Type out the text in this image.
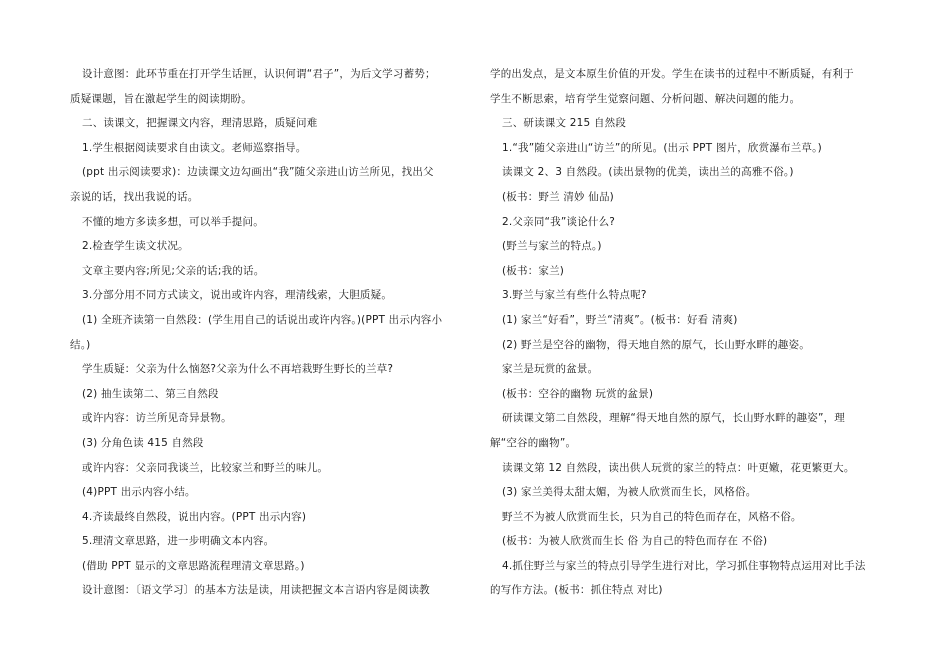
设计意图：此环节重在打开学生话匣，认识何谓“君子”，为后文学习蓄势；
质疑课题，旨在激起学生的阅读期盼。
二、读课文，把握课文内容，理清思路，质疑问难
1.学生根据阅读要求自由读文。老师巡察指导。
(ppt 出示阅读要求)：边读课文边勾画出“我”随父亲进山访兰所见，找出父
亲说的话，找出我说的话。
不懂的地方多读多想，可以举手提问。
2.检查学生读文状况。
文章主要内容;所见;父亲的话;我的话。
3.分部分用不同方式读文，说出或许内容，理清线索，大胆质疑。
(1) 全班齐读第一自然段：(学生用自己的话说出或许内容。)(PPT 出示内容小
结。)
学生质疑：父亲为什么恼怒?父亲为什么不再培栽野生野长的兰草?
(2) 抽生读第二、第三自然段
或许内容：访兰所见奇异景物。
(3) 分角色读 415 自然段
或许内容：父亲同我谈兰，比较家兰和野兰的味儿。
(4)PPT 出示内容小结。
4.齐读最终自然段，说出内容。(PPT 出示内容)
5.理清文章思路，进一步明确文本内容。
(借助 PPT 显示的文章思路流程理清文章思路。)
设计意图：〔语文学习〕的基本方法是读，用读把握文本言语内容是阅读教
学的出发点，是文本原生价值的开发。学生在读书的过程中不断质疑，有利于
学生不断思索，培育学生觉察问题、分析问题、解决问题的能力。
三、研读课文 215 自然段
1.“我”随父亲进山“访兰”的所见。(出示 PPT 图片，欣赏瀑布兰草。)
读课文 2、3 自然段。(读出景物的优美，读出兰的高雅不俗。)
(板书：野兰 清妙 仙品)
2.父亲同“我”谈论什么?
(野兰与家兰的特点。)
(板书：家兰)
3.野兰与家兰有些什么特点呢?
(1) 家兰“好看”，野兰“清爽”。(板书：好看 清爽)
(2) 野兰是空谷的幽物，得天地自然的原气，长山野水畔的趣姿。
家兰是玩赏的盆景。
(板书：空谷的幽物 玩赏的盆景)
研读课文第二自然段，理解“得天地自然的原气，长山野水畔的趣姿”，理
解“空谷的幽物”。
读课文第 12 自然段，读出供人玩赏的家兰的特点：叶更嫩，花更繁更大。
(3) 家兰美得太甜太媚，为被人欣赏而生长，风格俗。
野兰不为被人欣赏而生长，只为自己的特色而存在，风格不俗。
(板书：为被人欣赏而生长 俗 为自己的特色而存在 不俗)
4.抓住野兰与家兰的特点引导学生进行对比，学习抓住事物特点运用对比手法
的写作方法。(板书：抓住特点 对比)
